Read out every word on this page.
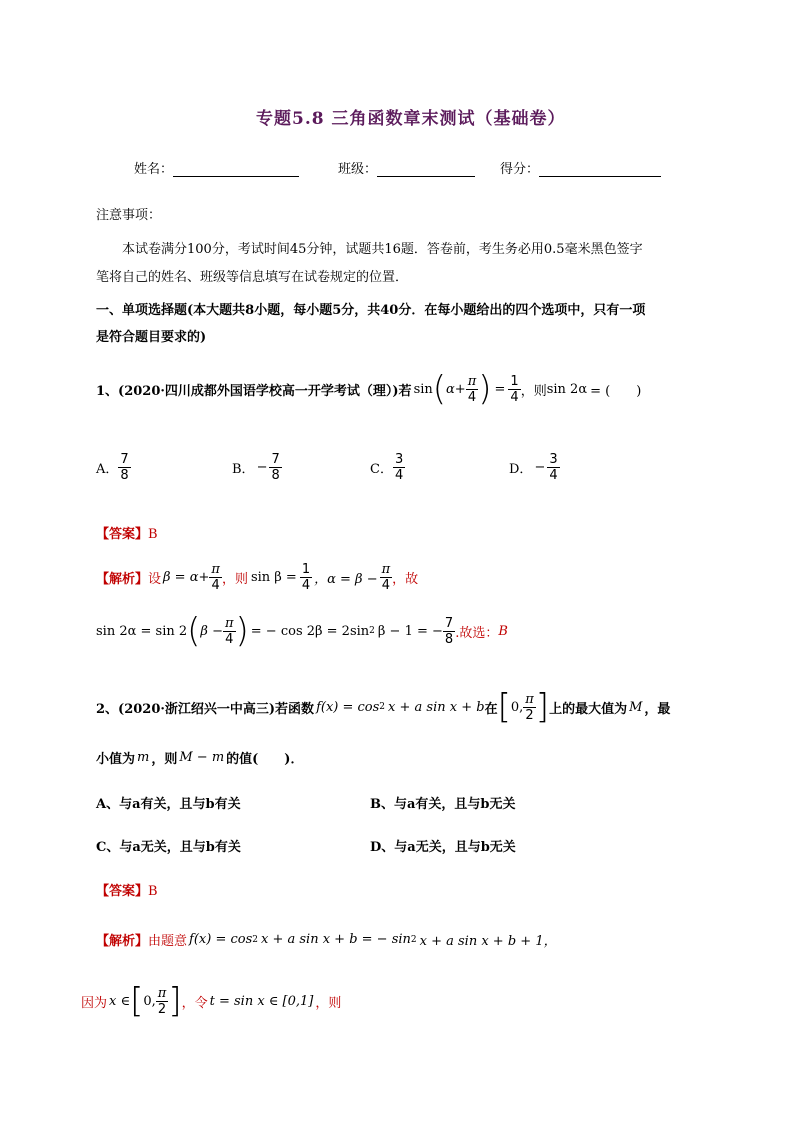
专题5.8 三角函数章末测试（基础卷）
姓名：	班级：	得分：
注意事项：
本试卷满分100分，考试时间45分钟，试题共16题．答卷前，考生务必用0.5毫米黑色签字
笔将自己的姓名、班级等信息填写在试卷规定的位置．
一、单项选择题(本大题共8小题，每小题5分，共40分．在每小题给出的四个选项中，只有一项
是符合题目要求的)
1、(2020·四川成都外国语学校高一开学考试（理）)若 sin ( $\alpha+ \frac{\pi}{4}$ ) = $\frac{1}{4}$ ，则 sin 2α = (　　)
A． $\frac{7}{8}$	B． − $\frac{7}{8}$	C． $\frac{3}{4}$	D． − $\frac{3}{4}$
【答案】B
【解析】 设 $\beta = \alpha+ \frac{\pi}{4}$ ，则 $\sin \beta = \frac{1}{4}$ ，$\alpha = \beta - \frac{\pi}{4}$ ，故
sin 2α = sin 2 ( $\beta - \frac{\pi}{4}$ ) = − cos 2β = 2sin 2 β − 1 = − $\frac{7}{8}$ .故选： B
2、(2020·浙江绍兴一中高三)若函数 f(x) = cos 2 x + a sin x + b 在 [ 0, $\frac{\pi}{2}$ ] 上的最大值为 M ，最
小值为 m ，则 M − m 的值(　　)．
A、与a有关，且与b有关	B、与a有关，且与b无关
C、与a无关，且与b有关	D、与a无关，且与b无关
【答案】B
【解析】 由题意 f(x) = cos 2 x + a sin x + b = − sin 2 x + a sin x + b + 1，
因为 x ∈ [ 0, $\frac{\pi}{2}$ ] ，令 t = sin x ∈ [0,1] ，则
